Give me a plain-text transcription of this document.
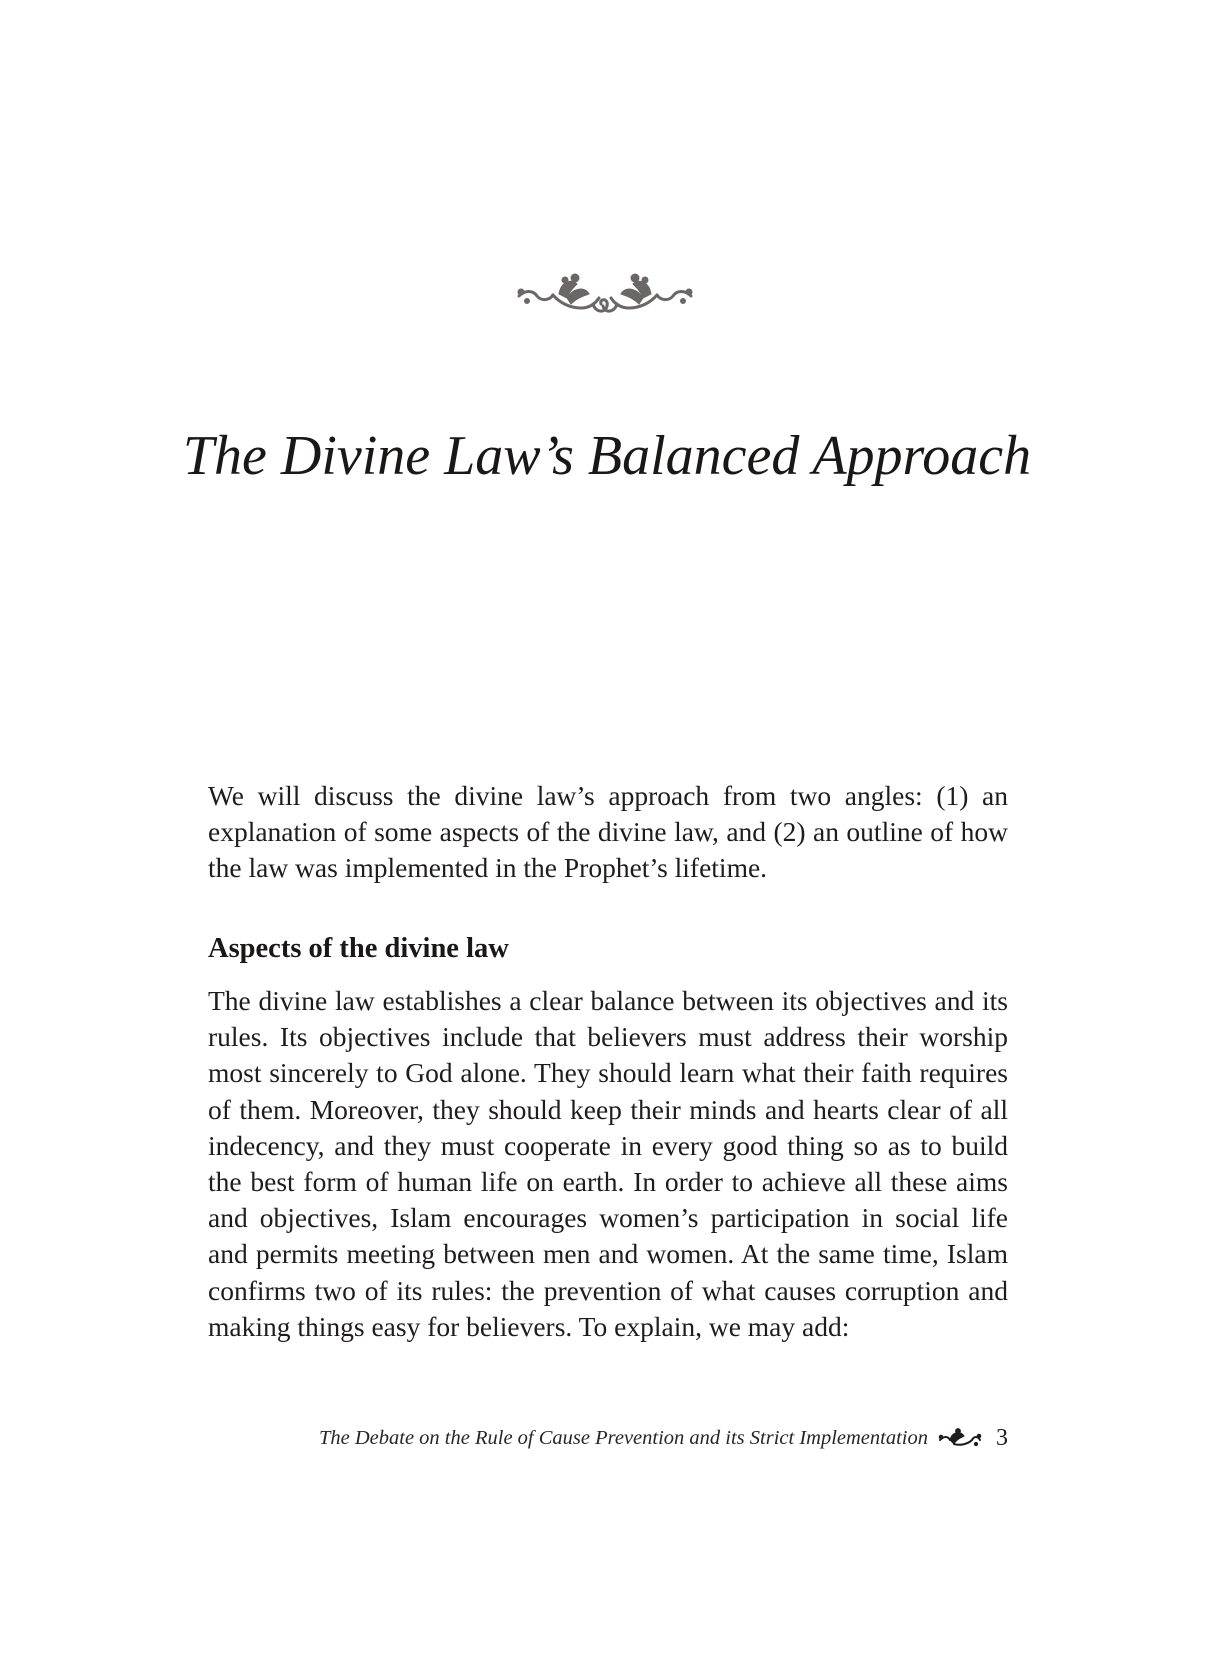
The Divine Law’s Balanced Approach

We will discuss the divine law’s approach from two angles: (1) an explanation of some aspects of the divine law, and (2) an outline of how the law was implemented in the Prophet’s lifetime.

Aspects of the divine law

The divine law establishes a clear balance between its objectives and its rules. Its objectives include that believers must address their worship most sincerely to God alone. They should learn what their faith requires of them. Moreover, they should keep their minds and hearts clear of all indecency, and they must cooperate in every good thing so as to build the best form of human life on earth. In order to achieve all these aims and objectives, Islam encourages women’s participation in social life and permits meeting between men and women. At the same time, Islam confirms two of its rules: the prevention of what causes corruption and making things easy for believers. To explain, we may add:

The Debate on the Rule of Cause Prevention and its Strict Implementation	3
